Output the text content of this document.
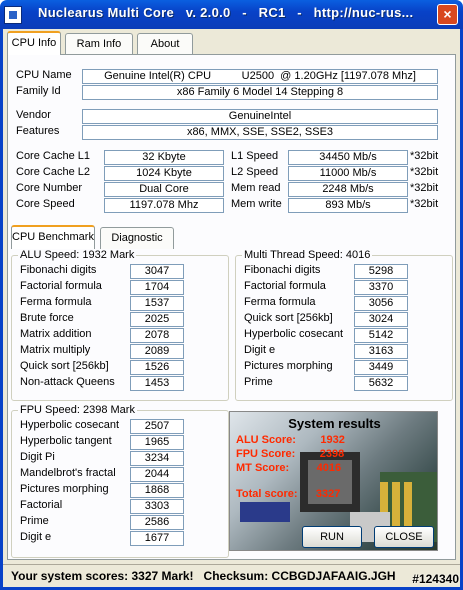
Nuclearus Multi Core   v. 2.0.0   -   RC1   -   http://nuc-rus...	×
CPU Info	Ram Info	About
CPU Name	Genuine Intel(R) CPU          U2500  @ 1.20GHz [1197.078 Mhz]
Family Id	x86 Family 6 Model 14 Stepping 8
Vendor	GenuineIntel
Features	x86, MMX, SSE, SSE2, SSE3
Core Cache L1	32 Kbyte
Core Cache L2	1024 Kbyte
Core Number	Dual Core
Core Speed	1197.078 Mhz
L1 Speed	34450 Mb/s	*32bit
L2 Speed	11000 Mb/s	*32bit
Mem read	2248 Mb/s	*32bit
Mem write	893 Mb/s	*32bit
CPU Benchmark	Diagnostic
ALU Speed: 1932 Mark
Fibonachi digits	3047
Factorial formula	1704
Ferma formula	1537
Brute force	2025
Matrix addition	2078
Matrix multiply	2089
Quick sort [256kb]	1526
Non-attack Queens	1453
Multi Thread Speed: 4016
Fibonachi digits	5298
Factorial formula	3370
Ferma formula	3056
Quick sort [256kb]	3024
Hyperbolic cosecant	5142
Digit e	3163
Pictures morphing	3449
Prime	5632
FPU Speed: 2398 Mark
Hyperbolic cosecant	2507
Hyperbolic tangent	1965
Digit Pi	3234
Mandelbrot's fractal	2044
Pictures morphing	1868
Factorial	3303
Prime	2586
Digit e	1677
System results
ALU Score:        1932
FPU Score:        2398
MT Score:         4016
Total score:      3327
RUN	CLOSE
Your system scores: 3327 Mark!   Checksum: CCBGDJAFAAIG.JGH #124340
